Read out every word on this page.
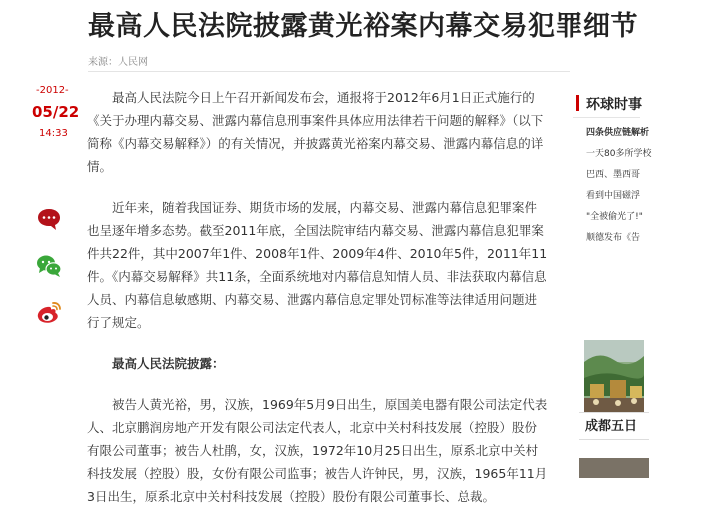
最高人民法院披露黄光裕案内幕交易犯罪细节
来源：人民网
-2012-
05/22
14:33

最高人民法院今日上午召开新闻发布会，通报将于2012年6月1日正式施行的《关于办理内幕交易、泄露内幕信息刑事案件具体应用法律若干问题的解释》（以下简称《内幕交易解释》）的有关情况，并披露黄光裕案内幕交易、泄露内幕信息的详情。

近年来，随着我国证券、期货市场的发展，内幕交易、泄露内幕信息犯罪案件也呈逐年增多态势。截至2011年底，全国法院审结内幕交易、泄露内幕信息犯罪案件共22件，其中2007年1件、2008年1件、2009年4件、2010年5件，2011年11件。《内幕交易解释》共11条，全面系统地对内幕信息知情人员、非法获取内幕信息人员、内幕信息敏感期、内幕交易、泄露内幕信息定罪处罚标准等法律适用问题进行了规定。

最高人民法院披露：

被告人黄光裕，男，汉族，1969年5月9日出生，原国美电器有限公司法定代表人、北京鹏润房地产开发有限公司法定代表人，北京中关村科技发展（控股）股份有限公司董事；被告人杜鹃，女，汉族，1972年10月25日出生，原系北京中关村科技发展（控股）股，女份有限公司监事；被告人许钟民，男，汉族，1965年11月3日出生，原系北京中关村科技发展（控股）股份有限公司董事长、总裁。

环球时事
四条供应链解析
一天80多所学校
巴西、墨西哥
看到中国磁浮
"全被偷光了!"
顺德发布《告
成都五日
